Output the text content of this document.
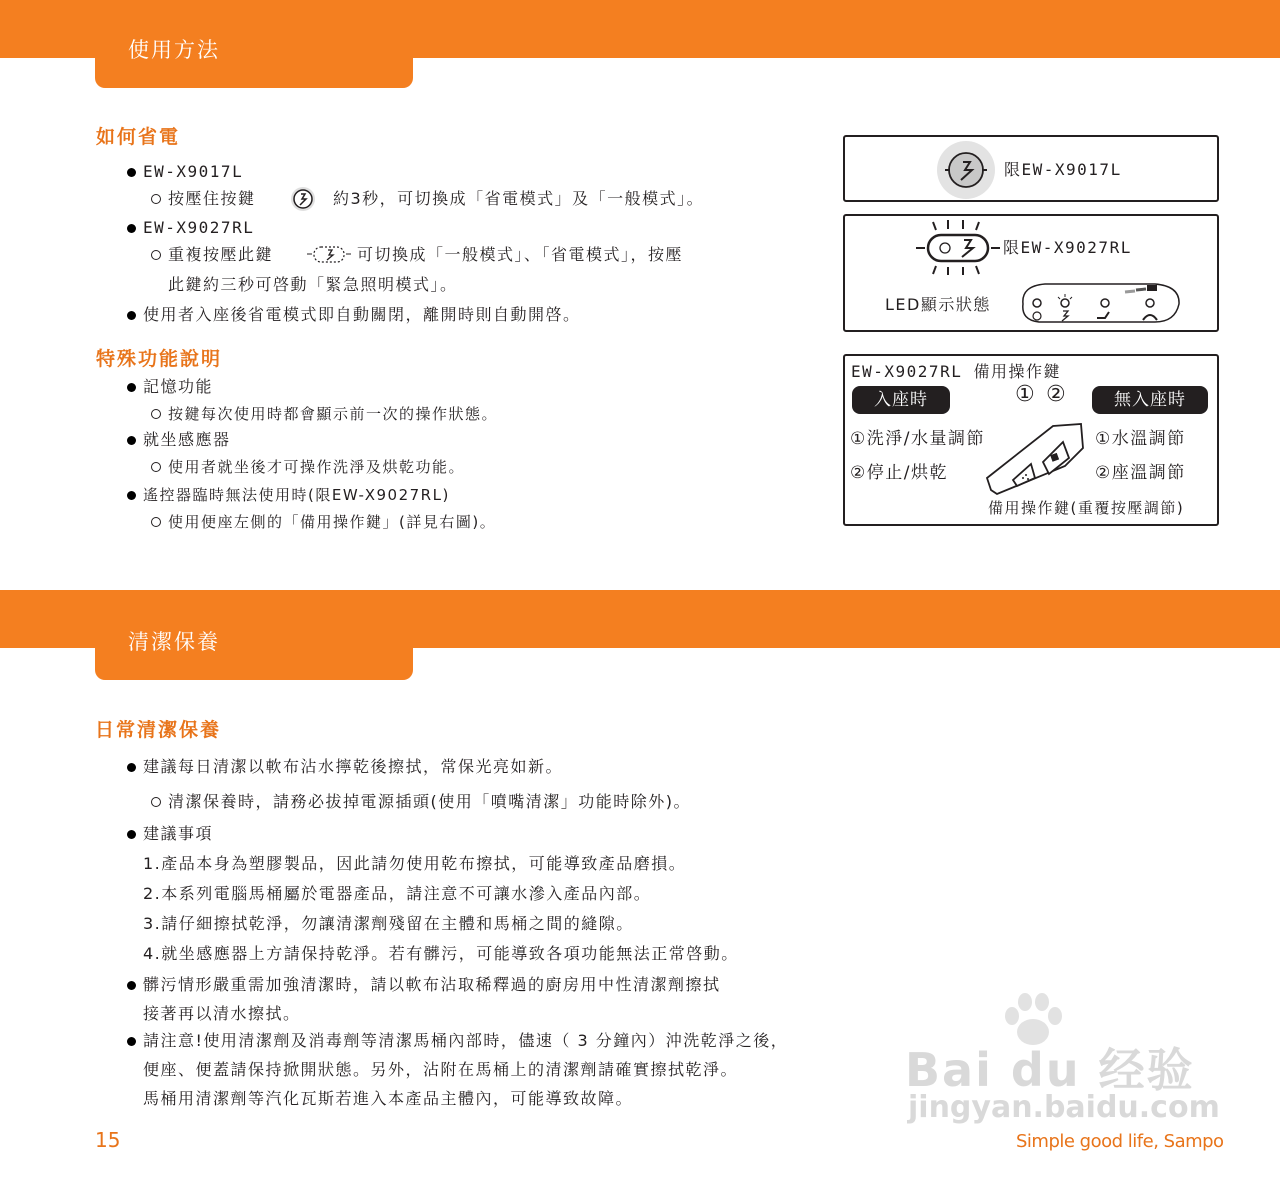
使用方法
如何省電
EW-X9017L
按壓住按鍵	約3秒，可切換成「省電模式」及「一般模式」。
EW-X9027RL
重複按壓此鍵	可切換成「一般模式」、「省電模式」，按壓
此鍵約三秒可啓動「緊急照明模式」。
使用者入座後省電模式即自動關閉，離開時則自動開啓。
特殊功能說明
記憶功能
按鍵每次使用時都會顯示前一次的操作狀態。
就坐感應器
使用者就坐後才可操作洗淨及烘乾功能。
遙控器臨時無法使用時(限EW-X9027RL)
使用便座左側的「備用操作鍵」(詳見右圖)。
限EW-X9017L
限EW-X9027RL
LED顯示狀態
EW-X9027RL 備用操作鍵
入座時	無入座時
① ②
①洗淨/水量調節
②停止/烘乾
①水溫調節
②座溫調節
備用操作鍵(重覆按壓調節)
清潔保養
日常清潔保養
建議每日清潔以軟布沾水擰乾後擦拭，常保光亮如新。
清潔保養時，請務必拔掉電源插頭(使用「噴嘴清潔」功能時除外)。
建議事項
1.產品本身為塑膠製品，因此請勿使用乾布擦拭，可能導致產品磨損。
2.本系列電腦馬桶屬於電器產品，請注意不可讓水滲入產品內部。
3.請仔細擦拭乾淨，勿讓清潔劑殘留在主體和馬桶之間的縫隙。
4.就坐感應器上方請保持乾淨。若有髒污，可能導致各項功能無法正常啓動。
髒污情形嚴重需加強清潔時，請以軟布沾取稀釋過的廚房用中性清潔劑擦拭
接著再以清水擦拭。
請注意!使用清潔劑及消毒劑等清潔馬桶內部時，儘速（ 3 分鐘內）沖洗乾淨之後，
便座、便蓋請保持掀開狀態。另外，沾附在馬桶上的清潔劑請確實擦拭乾淨。
馬桶用清潔劑等汽化瓦斯若進入本產品主體內，可能導致故障。
Bai du 经验
jingyan.baidu.com
15	Simple good life, Sampo
